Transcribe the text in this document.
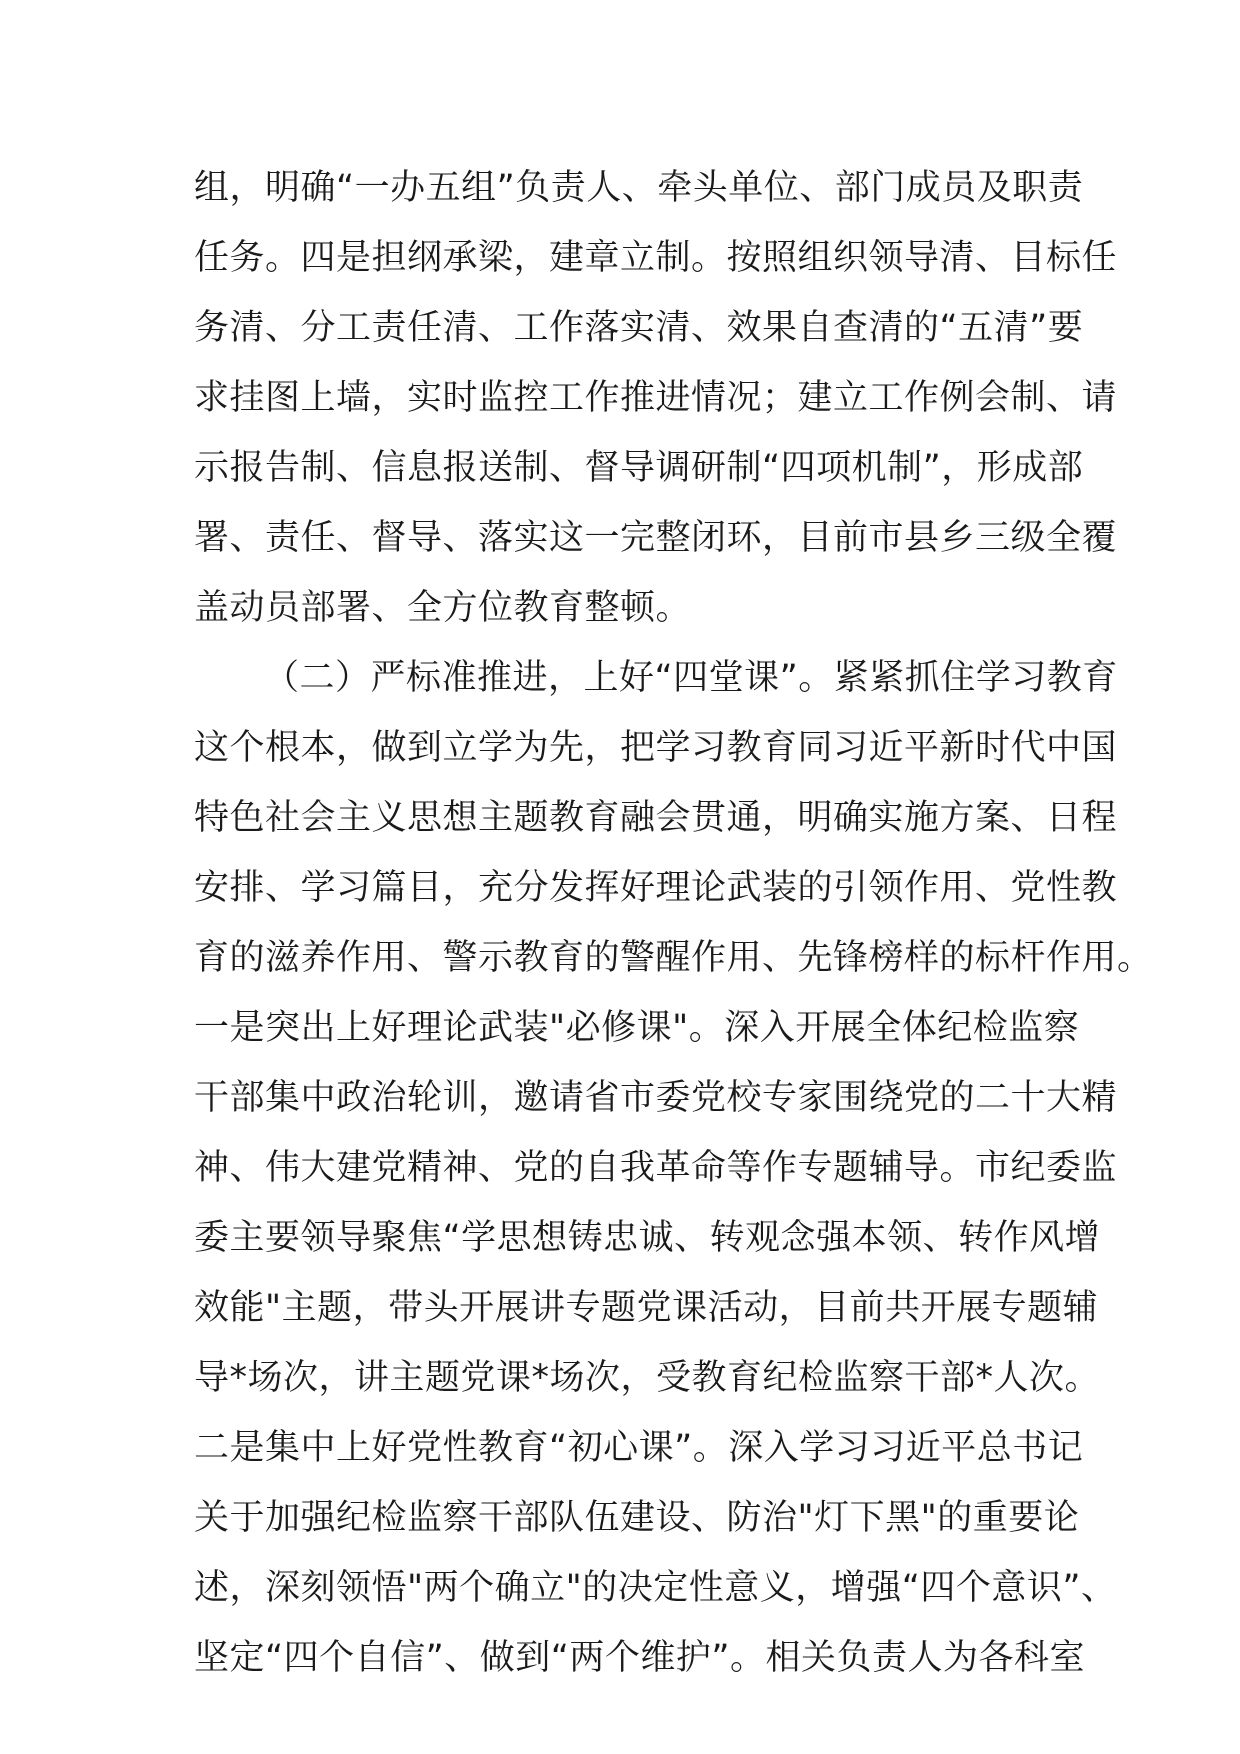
组，明确“一办五组”负责人、牵头单位、部门成员及职责
任务。四是担纲承梁，建章立制。按照组织领导清、目标任
务清、分工责任清、工作落实清、效果自查清的“五清”要
求挂图上墙，实时监控工作推进情况；建立工作例会制、请
示报告制、信息报送制、督导调研制“四项机制”，形成部
署、责任、督导、落实这一完整闭环，目前市县乡三级全覆
盖动员部署、全方位教育整顿。
（二）严标准推进，上好“四堂课”。紧紧抓住学习教育
这个根本，做到立学为先，把学习教育同习近平新时代中国
特色社会主义思想主题教育融会贯通，明确实施方案、日程
安排、学习篇目，充分发挥好理论武装的引领作用、党性教
育的滋养作用、警示教育的警醒作用、先锋榜样的标杆作用。
一是突出上好理论武装"必修课"。深入开展全体纪检监察
干部集中政治轮训，邀请省市委党校专家围绕党的二十大精
神、伟大建党精神、党的自我革命等作专题辅导。市纪委监
委主要领导聚焦“学思想铸忠诚、转观念强本领、转作风增
效能"主题，带头开展讲专题党课活动，目前共开展专题辅
导*场次，讲主题党课*场次，受教育纪检监察干部*人次。
二是集中上好党性教育“初心课”。深入学习习近平总书记
关于加强纪检监察干部队伍建设、防治"灯下黑"的重要论
述，深刻领悟"两个确立"的决定性意义，增强“四个意识”、
坚定“四个自信”、做到“两个维护”。相关负责人为各科室
